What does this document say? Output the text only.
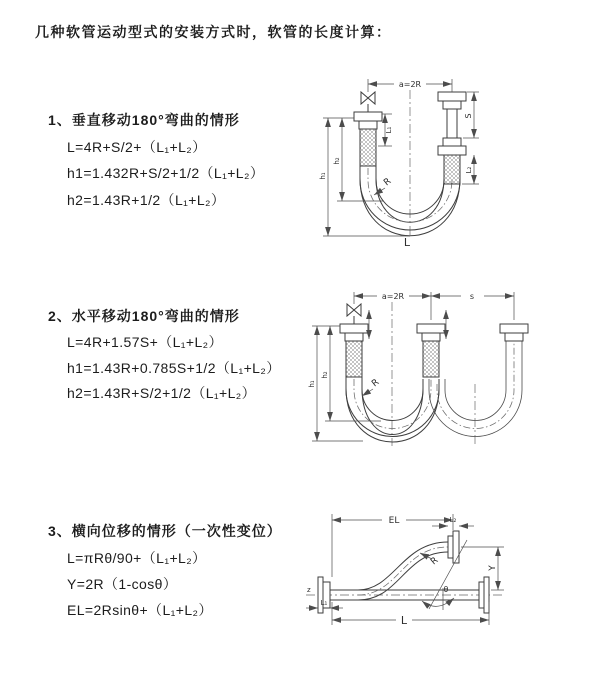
几种软管运动型式的安装方式时，软管的长度计算：
1、垂直移动180°弯曲的情形
L=4R+S/2+（L₁+L₂）
h1=1.432R+S/2+1/2（L₁+L₂）
h2=1.43R+1/2（L₁+L₂）
2、水平移动180°弯曲的情形
L=4R+1.57S+（L₁+L₂）
h1=1.43R+0.785S+1/2（L₁+L₂）
h2=1.43R+S/2+1/2（L₁+L₂）
3、横向位移的情形（一次性变位）
L=πRθ/90+（L₁+L₂）
Y=2R（1-cosθ）
EL=2Rsinθ+（L₁+L₂）
a=2R
S
L₂
L₁
h₁
h₂
R
L
a=2R	s
h₁
h₂
R
EL	L₂
Y
L
L₁
z
R
θ
